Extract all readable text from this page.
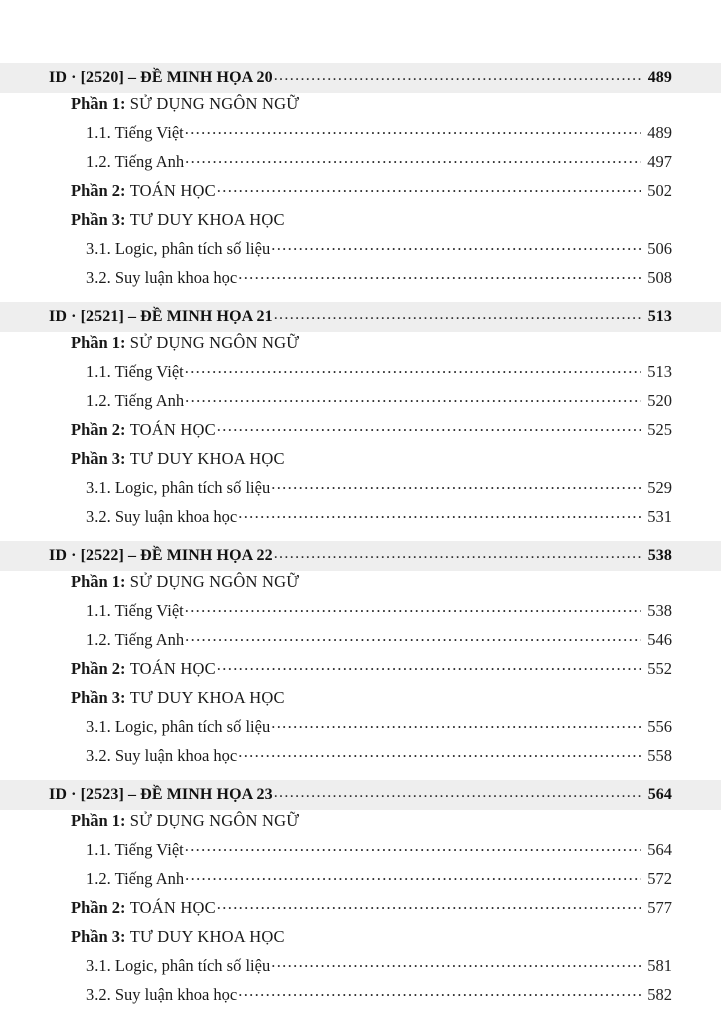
ID · [2520] – ĐỀ MINH HỌA 20 .....	489
Phần 1: SỬ DỤNG NGÔN NGỮ
1.1. Tiếng Việt .....	489
1.2. Tiếng Anh .....	497
Phần 2: TOÁN HỌC .....	502
Phần 3: TƯ DUY KHOA HỌC
3.1. Logic, phân tích số liệu .....	506
3.2. Suy luận khoa học .....	508
ID · [2521] – ĐỀ MINH HỌA 21 .....	513
Phần 1: SỬ DỤNG NGÔN NGỮ
1.1. Tiếng Việt .....	513
1.2. Tiếng Anh .....	520
Phần 2: TOÁN HỌC .....	525
Phần 3: TƯ DUY KHOA HỌC
3.1. Logic, phân tích số liệu .....	529
3.2. Suy luận khoa học .....	531
ID · [2522] – ĐỀ MINH HỌA 22 .....	538
Phần 1: SỬ DỤNG NGÔN NGỮ
1.1. Tiếng Việt .....	538
1.2. Tiếng Anh .....	546
Phần 2: TOÁN HỌC .....	552
Phần 3: TƯ DUY KHOA HỌC
3.1. Logic, phân tích số liệu .....	556
3.2. Suy luận khoa học .....	558
ID · [2523] – ĐỀ MINH HỌA 23 .....	564
Phần 1: SỬ DỤNG NGÔN NGỮ
1.1. Tiếng Việt .....	564
1.2. Tiếng Anh .....	572
Phần 2: TOÁN HỌC .....	577
Phần 3: TƯ DUY KHOA HỌC
3.1. Logic, phân tích số liệu .....	581
3.2. Suy luận khoa học .....	582
